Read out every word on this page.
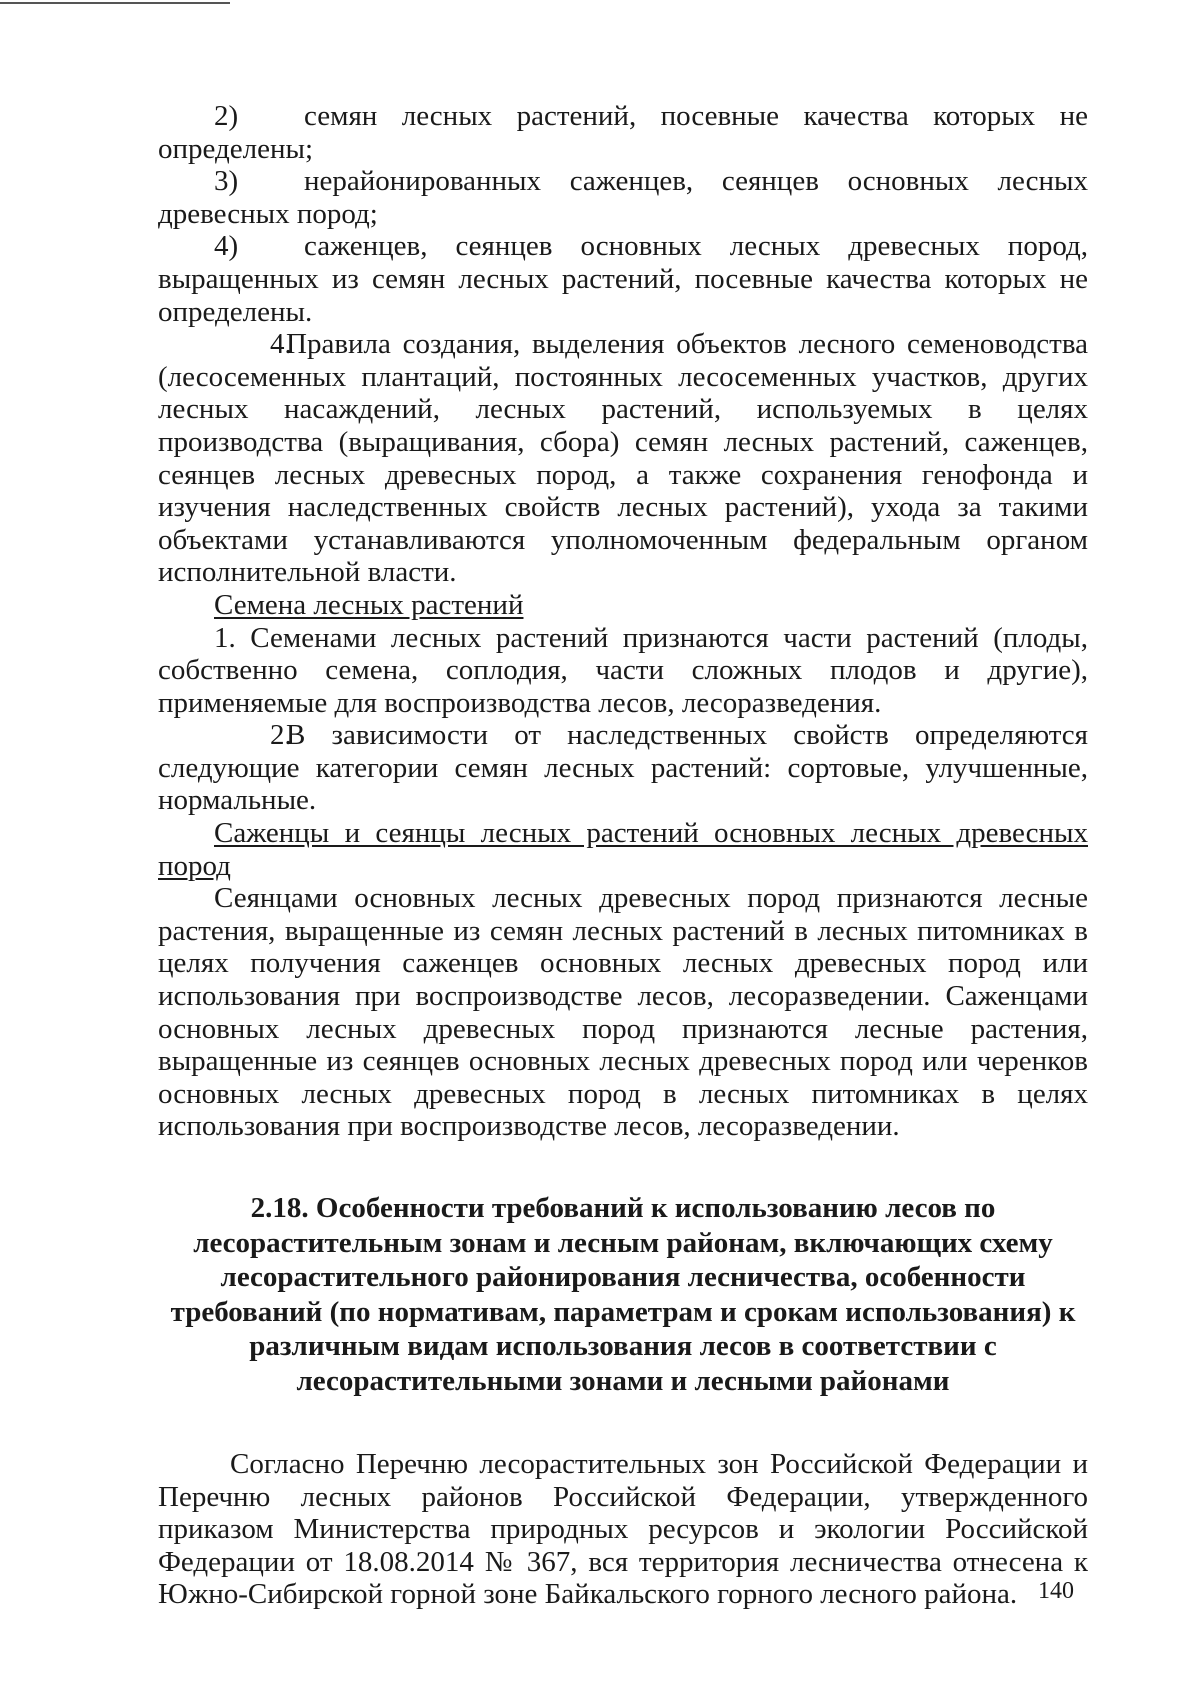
2) семян лесных растений, посевные качества которых не определены;

3) нерайонированных саженцев, сеянцев основных лесных древесных пород;

4) саженцев, сеянцев основных лесных древесных пород, выращенных из семян лесных растений, посевные качества которых не определены.

4.Правила создания, выделения объектов лесного семеноводства (лесосеменных плантаций, постоянных лесосеменных участков, других лесных насаждений, лесных растений, используемых в целях производства (выращивания, сбора) семян лесных растений, саженцев, сеянцев лесных древесных пород, а также сохранения генофонда и изучения наследственных свойств лесных растений), ухода за такими объектами устанавливаются уполномоченным федеральным органом исполнительной власти.

Семена лесных растений

1. Семенами лесных растений признаются части растений (плоды, собственно семена, соплодия, части сложных плодов и другие), применяемые для воспроизводства лесов, лесоразведения.

2.В зависимости от наследственных свойств определяются следующие категории семян лесных растений: сортовые, улучшенные, нормальные.

Саженцы и сеянцы лесных растений основных лесных древесных пород

Сеянцами основных лесных древесных пород признаются лесные растения, выращенные из семян лесных растений в лесных питомниках в целях получения саженцев основных лесных древесных пород или использования при воспроизводстве лесов, лесоразведении. Саженцами основных лесных древесных пород признаются лесные растения, выращенные из сеянцев основных лесных древесных пород или черенков основных лесных древесных пород в лесных питомниках в целях использования при воспроизводстве лесов, лесоразведении.

2.18. Особенности требований к использованию лесов по лесорастительным зонам и лесным районам, включающих схему лесорастительного районирования лесничества, особенности требований (по нормативам, параметрам и срокам использования) к различным видам использования лесов в соответствии с лесорастительными зонами и лесными районами

Согласно Перечню лесорастительных зон Российской Федерации и Перечню лесных районов Российской Федерации, утвержденного приказом Министерства природных ресурсов и экологии Российской Федерации от 18.08.2014 № 367, вся территория лесничества отнесена к Южно-Сибирской горной зоне Байкальского горного лесного района. 140
